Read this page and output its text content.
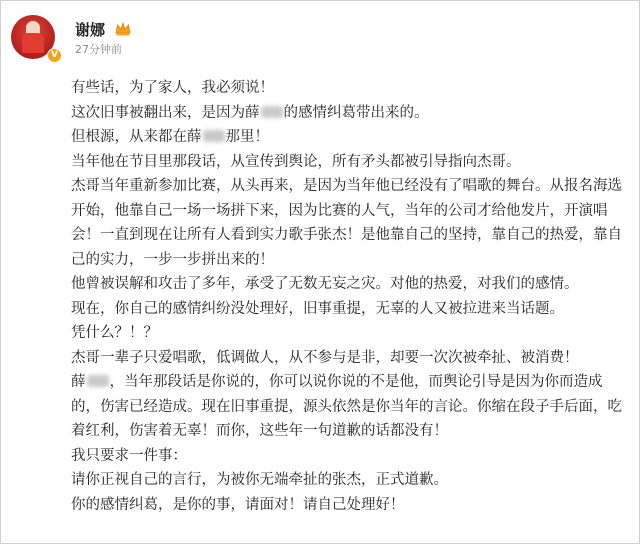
V
谢娜
27分钟前

有些话，为了家人，我必须说！

这次旧事被翻出来，是因为薛 的感情纠葛带出来的。

但根源，从来都在薛 那里！

当年他在节目里那段话，从宣传到舆论，所有矛头都被引导指向杰哥。

杰哥当年重新参加比赛，从头再来，是因为当年他已经没有了唱歌的舞台。从报名海选开始，他靠自己一场一场拼下来，因为比赛的人气，当年的公司才给他发片，开演唱会！一直到现在让所有人看到实力歌手张杰！是他靠自己的坚持，靠自己的热爱，靠自己的实力，一步一步拼出来的！

他曾被误解和攻击了多年，承受了无数无妄之灾。对他的热爱，对我们的感情。

现在，你自己的感情纠纷没处理好，旧事重提，无辜的人又被拉进来当话题。

凭什么？！？

杰哥一辈子只爱唱歌，低调做人，从不参与是非，却要一次次被牵扯、被消费！

薛 ，当年那段话是你说的，你可以说你说的不是他，而舆论引导是因为你而造成的，伤害已经造成。现在旧事重提，源头依然是你当年的言论。你缩在段子手后面，吃着红利，伤害着无辜！而你，这些年一句道歉的话都没有！

我只要求一件事：

请你正视自己的言行，为被你无端牵扯的张杰，正式道歉。

你的感情纠葛，是你的事，请面对！请自己处理好！
